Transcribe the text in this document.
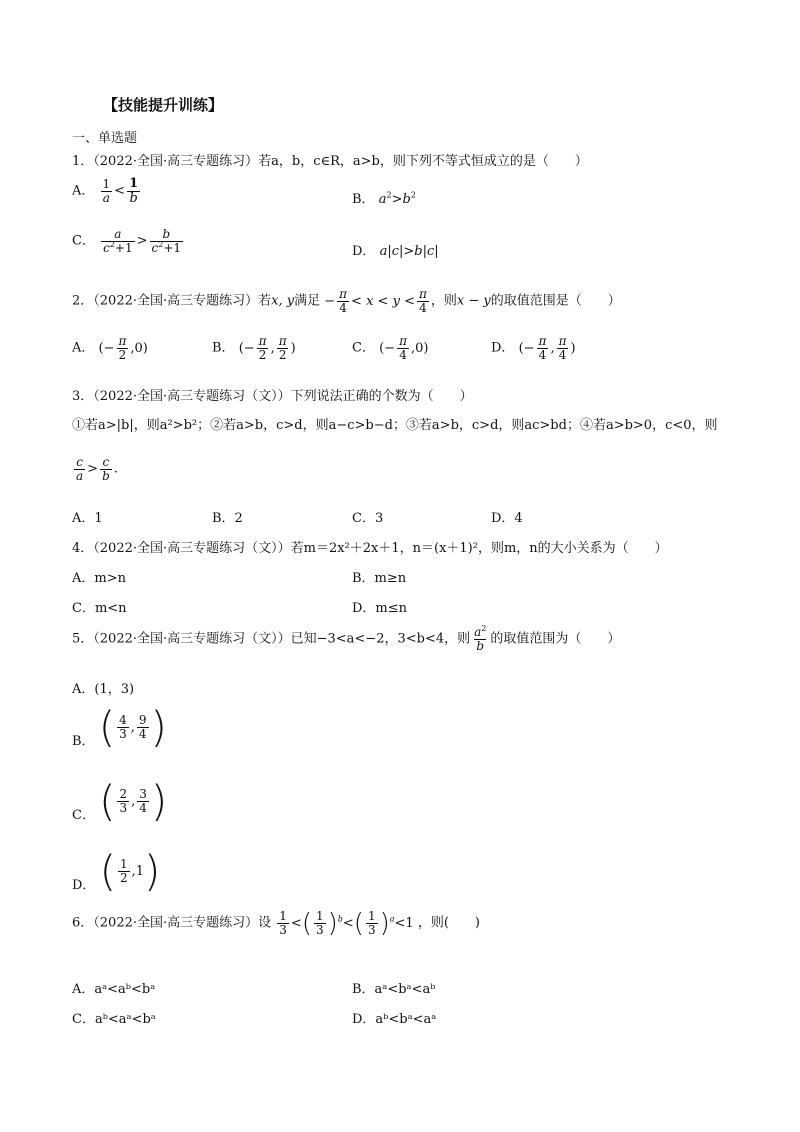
【技能提升训练】
一、单选题
1．（2022·全国·高三专题练习）若a，b，c∈R，a>b，则下列不等式恒成立的是（　　）
A． $\frac{1}{a} < \frac{1}{b}$	B． $a^2>b^2$
C． $\frac{a}{c^2+1} > \frac{b}{c^2+1}$	D． a|c|>b|c|
2．（2022·全国·高三专题练习）若x, y满足 − $\frac{\pi}{4} < x < y < \frac{\pi}{4}$ ，则x − y的取值范围是（　　）
A． (− $\frac{\pi}{2} ,0$)	B． (− $\frac{\pi}{2}$ , $\frac{\pi}{2}$ )	C． (− $\frac{\pi}{4} ,0$)	D． (− $\frac{\pi}{4}$ , $\frac{\pi}{4}$ )
3．（2022·全国·高三专题练习（文））下列说法正确的个数为（　　）
①若a>|b|，则a²>b²；②若a>b，c>d，则a−c>b−d；③若a>b，c>d，则ac>bd；④若a>b>0，c<0，则
$\frac{c}{a} > \frac{c}{b}$ .
A．1	B．2	C．3	D．4
4．（2022·全国·高三专题练习（文））若m＝2x²＋2x＋1，n＝(x＋1)²，则m，n的大小关系为（　　）
A．m>n	B．m≥n
C．m<n	D．m≤n
5．（2022·全国·高三专题练习（文））已知−3<a<−2，3<b<4，则 $\frac{a^2}{b}$ 的取值范围为（　　）
A．(1，3)
B． ( $\frac{4}{3}$ , $\frac{9}{4}$ )
C． ( $\frac{2}{3}$ , $\frac{3}{4}$ )
D． ( $\frac{1}{2} ,1$)
6．（2022·全国·高三专题练习）设 $\frac{1}{3}$ <( $\frac{1}{3} )^b<( \frac{1}{3} )^a<1$ ，则(　　)
A．aᵃ<aᵇ<bᵃ	B．aᵃ<bᵃ<aᵇ
C．aᵇ<aᵃ<bᵃ	D．aᵇ<bᵃ<aᵃ
